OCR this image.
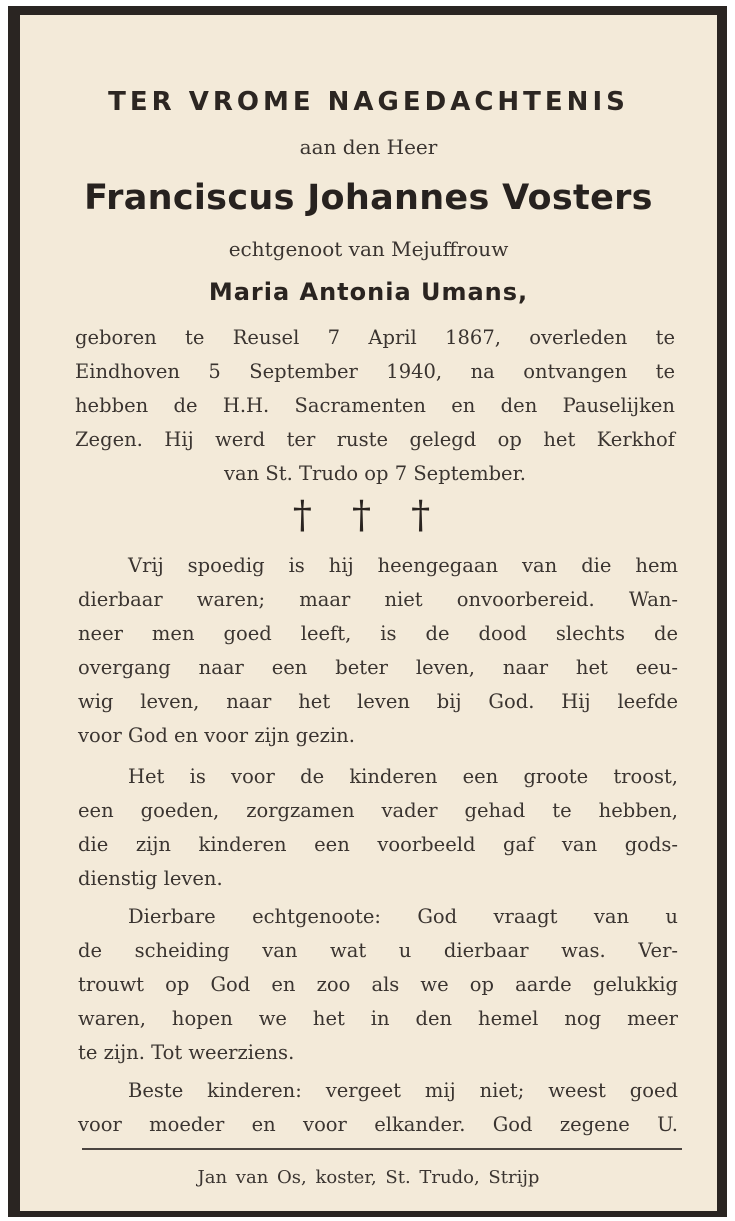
TER VROME NAGEDACHTENIS
aan den Heer
Franciscus Johannes Vosters
echtgenoot van Mejuffrouw
Maria Antonia Umans,
geboren te Reusel 7 April 1867, overleden te
Eindhoven 5 September 1940, na ontvangen te
hebben de H.H. Sacramenten en den Pauselijken
Zegen. Hij werd ter ruste gelegd op het Kerkhof
van St. Trudo op 7 September.
† † †
Vrij spoedig is hij heengegaan van die hem
dierbaar waren; maar niet onvoorbereid. Wan-
neer men goed leeft, is de dood slechts de
overgang naar een beter leven, naar het eeu-
wig leven, naar het leven bij God. Hij leefde
voor God en voor zijn gezin.
Het is voor de kinderen een groote troost,
een goeden, zorgzamen vader gehad te hebben,
die zijn kinderen een voorbeeld gaf van gods-
dienstig leven.
Dierbare echtgenoote: God vraagt van u
de scheiding van wat u dierbaar was. Ver-
trouwt op God en zoo als we op aarde gelukkig
waren, hopen we het in den hemel nog meer
te zijn. Tot weerziens.
Beste kinderen: vergeet mij niet; weest goed
voor moeder en voor elkander. God zegene U.
Jan van Os, koster, St. Trudo, Strijp
